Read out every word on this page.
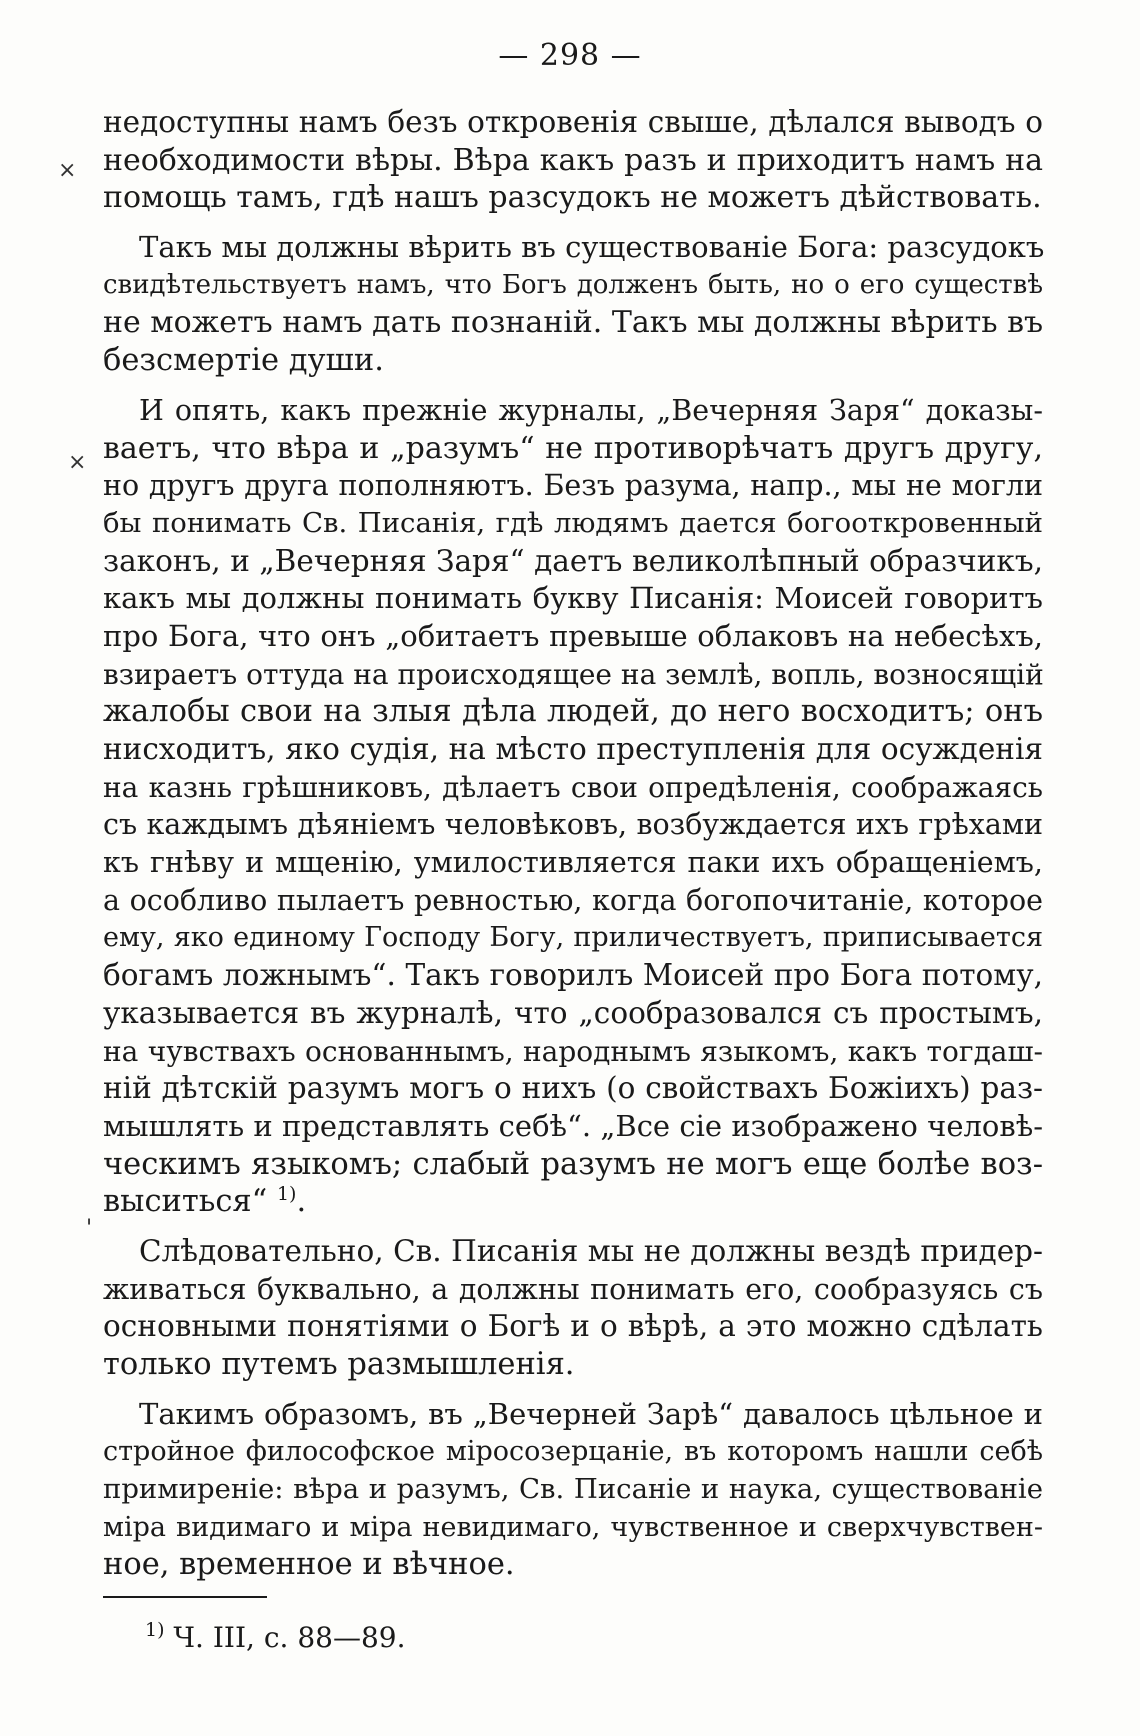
— 298 —
×
×
'
недоступны намъ безъ откровенія свыше, дѣлался выводъ о
необходимости вѣры. Вѣра какъ разъ и приходитъ намъ на
помощь тамъ, гдѣ нашъ разсудокъ не можетъ дѣйствовать.
Такъ мы должны вѣрить въ существованіе Бога: разсудокъ
свидѣтельствуетъ намъ, что Богъ долженъ быть, но о его существѣ
не можетъ намъ дать познаній. Такъ мы должны вѣрить въ
безсмертіе души.
И опять, какъ прежніе журналы, „Вечерняя Заря“ доказы-
ваетъ, что вѣра и „разумъ“ не противорѣчатъ другъ другу,
но другъ друга пополняютъ. Безъ разума, напр., мы не могли
бы понимать Св. Писанія, гдѣ людямъ дается богооткровенный
законъ, и „Вечерняя Заря“ даетъ великолѣпный образчикъ,
какъ мы должны понимать букву Писанія: Моисей говоритъ
про Бога, что онъ „обитаетъ превыше облаковъ на небесѣхъ,
взираетъ оттуда на происходящее на землѣ, вопль, возносящій
жалобы свои на злыя дѣла людей, до него восходитъ; онъ
нисходитъ, яко судія, на мѣсто преступленія для осужденія
на казнь грѣшниковъ, дѣлаетъ свои опредѣленія, соображаясь
съ каждымъ дѣяніемъ человѣковъ, возбуждается ихъ грѣхами
къ гнѣву и мщенію, умилостивляется паки ихъ обращеніемъ,
а особливо пылаетъ ревностью, когда богопочитаніе, которое
ему, яко единому Господу Богу, приличествуетъ, приписывается
богамъ ложнымъ“. Такъ говорилъ Моисей про Бога потому,
указывается въ журналѣ, что „сообразовался съ простымъ,
на чувствахъ основаннымъ, народнымъ языкомъ, какъ тогдаш-
ній дѣтскій разумъ могъ о нихъ (о свойствахъ Божіихъ) раз-
мышлять и представлять себѣ“. „Все сіе изображено человѣ-
ческимъ языкомъ; слабый разумъ не могъ еще болѣе воз-
выситься“ $^{1)}$.
Слѣдовательно, Св. Писанія мы не должны вездѣ придер-
живаться буквально, а должны понимать его, сообразуясь съ
основными понятіями о Богѣ и о вѣрѣ, а это можно сдѣлать
только путемъ размышленія.
Такимъ образомъ, въ „Вечерней Зарѣ“ давалось цѣльное и
стройное философское міросозерцаніе, въ которомъ нашли себѣ
примиреніе: вѣра и разумъ, Св. Писаніе и наука, существованіе
міра видимаго и міра невидимаго, чувственное и сверхчувствен-
ное, временное и вѣчное.
$^{1)}$ Ч. III, с. 88—89.
